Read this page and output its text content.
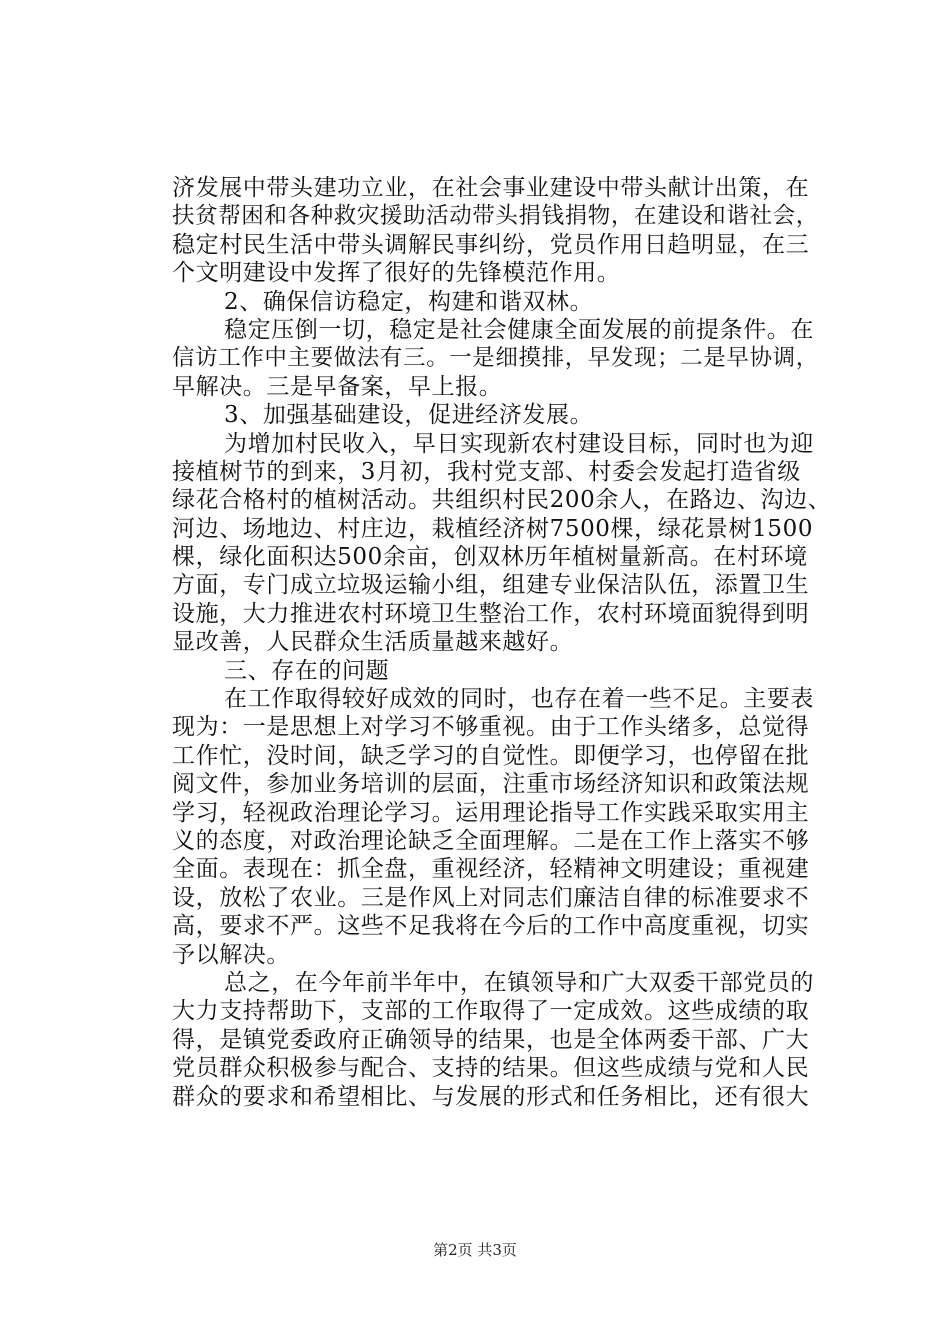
济发展中带头建功立业，在社会事业建设中带头献计出策，在
扶贫帮困和各种救灾援助活动带头捐钱捐物，在建设和谐社会，
稳定村民生活中带头调解民事纠纷，党员作用日趋明显，在三
个文明建设中发挥了很好的先锋模范作用。
2、确保信访稳定，构建和谐双林。
稳定压倒一切，稳定是社会健康全面发展的前提条件。在
信访工作中主要做法有三。一是细摸排，早发现；二是早协调，
早解决。三是早备案，早上报。
3、加强基础建设，促进经济发展。
为增加村民收入，早日实现新农村建设目标，同时也为迎
接植树节的到来，3月初，我村党支部、村委会发起打造省级
绿花合格村的植树活动。共组织村民200余人，在路边、沟边、
河边、场地边、村庄边，栽植经济树7500棵，绿花景树1500
棵，绿化面积达500余亩，创双林历年植树量新高。在村环境
方面，专门成立垃圾运输小组，组建专业保洁队伍，添置卫生
设施，大力推进农村环境卫生整治工作，农村环境面貌得到明
显改善，人民群众生活质量越来越好。
三、存在的问题
在工作取得较好成效的同时，也存在着一些不足。主要表
现为：一是思想上对学习不够重视。由于工作头绪多，总觉得
工作忙，没时间，缺乏学习的自觉性。即便学习，也停留在批
阅文件，参加业务培训的层面，注重市场经济知识和政策法规
学习，轻视政治理论学习。运用理论指导工作实践采取实用主
义的态度，对政治理论缺乏全面理解。二是在工作上落实不够
全面。表现在：抓全盘，重视经济，轻精神文明建设；重视建
设，放松了农业。三是作风上对同志们廉洁自律的标准要求不
高，要求不严。这些不足我将在今后的工作中高度重视，切实
予以解决。
总之，在今年前半年中，在镇领导和广大双委干部党员的
大力支持帮助下，支部的工作取得了一定成效。这些成绩的取
得，是镇党委政府正确领导的结果，也是全体两委干部、广大
党员群众积极参与配合、支持的结果。但这些成绩与党和人民
群众的要求和希望相比、与发展的形式和任务相比，还有很大
第2页 共3页
